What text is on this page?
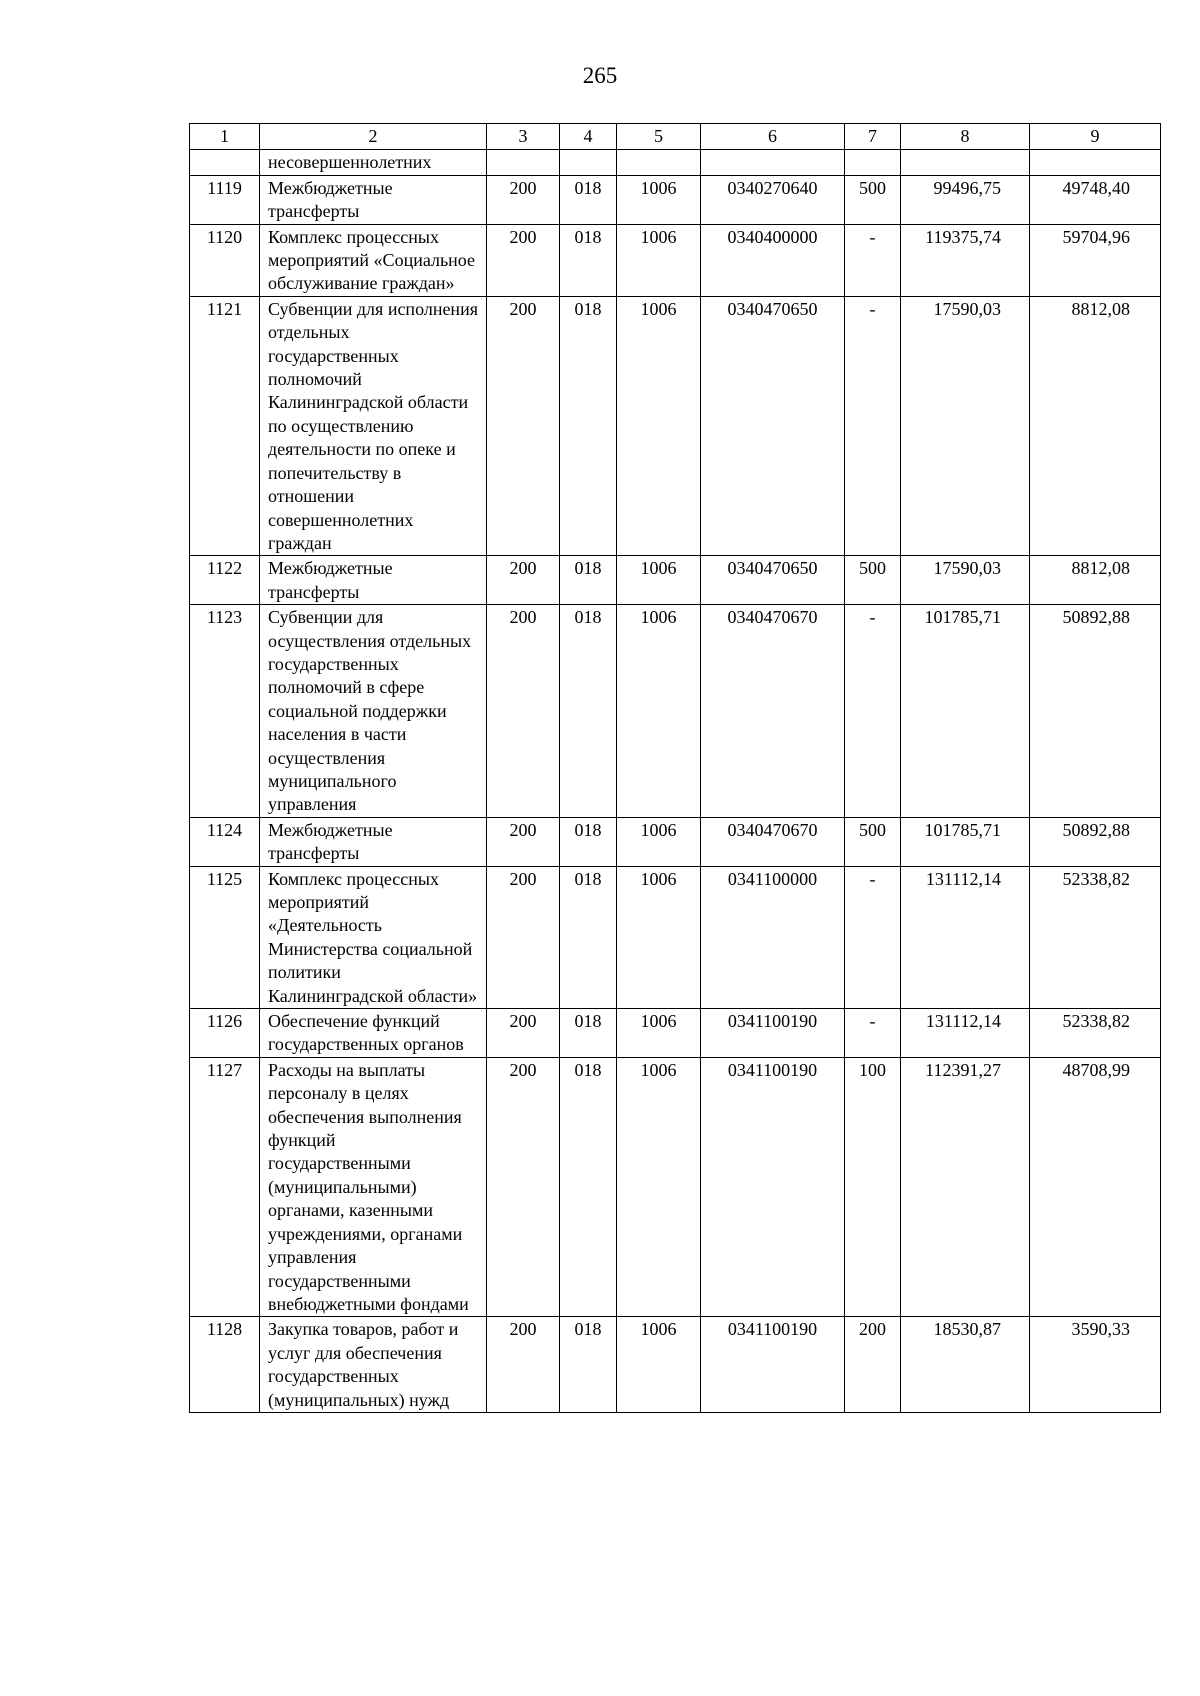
265
1	2	3	4	5	6	7	8	9
	несовершеннолетних							
1119	Межбюджетные трансферты	200	018	1006	0340270640	500	99496,75	49748,40
1120	Комплекс процессных мероприятий «Социальное обслуживание граждан»	200	018	1006	0340400000	-	119375,74	59704,96
1121	Субвенции для исполнения отдельных государственных полномочий Калининградской области по осуществлению деятельности по опеке и попечительству в отношении совершеннолетних граждан	200	018	1006	0340470650	-	17590,03	8812,08
1122	Межбюджетные трансферты	200	018	1006	0340470650	500	17590,03	8812,08
1123	Субвенции для осуществления отдельных государственных полномочий в сфере социальной поддержки населения в части осуществления муниципального управления	200	018	1006	0340470670	-	101785,71	50892,88
1124	Межбюджетные трансферты	200	018	1006	0340470670	500	101785,71	50892,88
1125	Комплекс процессных мероприятий «Деятельность Министерства социальной политики Калининградской области»	200	018	1006	0341100000	-	131112,14	52338,82
1126	Обеспечение функций государственных органов	200	018	1006	0341100190	-	131112,14	52338,82
1127	Расходы на выплаты персоналу в целях обеспечения выполнения функций государственными (муниципальными) органами, казенными учреждениями, органами управления государственными внебюджетными фондами	200	018	1006	0341100190	100	112391,27	48708,99
1128	Закупка товаров, работ и услуг для обеспечения государственных (муниципальных) нужд	200	018	1006	0341100190	200	18530,87	3590,33
